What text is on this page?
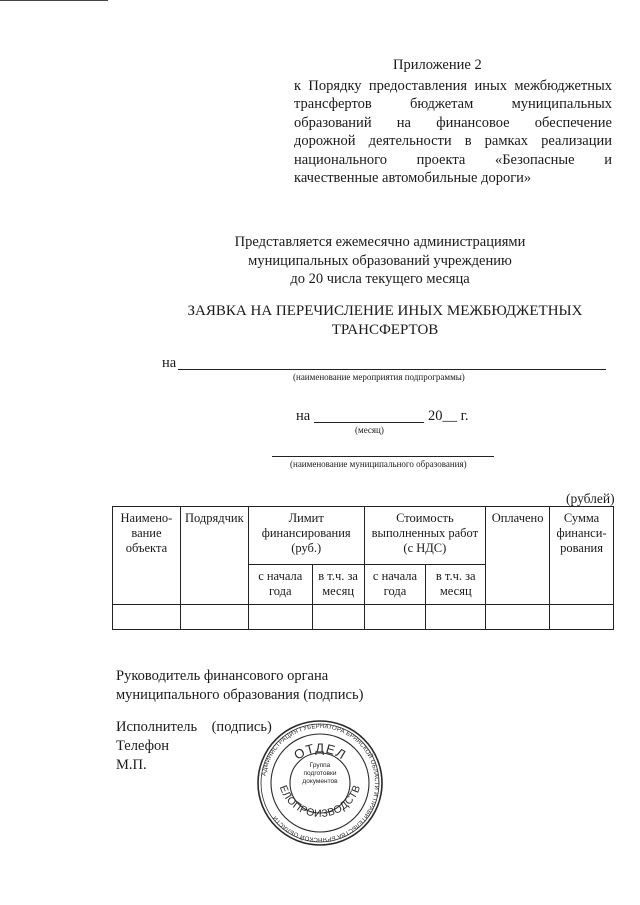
Приложение 2
к Порядку предоставления иных межбюджетных трансфертов бюджетам муниципальных образований на финансовое обеспечение дорожной деятельности в рамках реализации национального проекта «Безопасные и качественные автомобильные дороги»
Представляется ежемесячно администрациями
муниципальных образований учреждению
до 20 числа текущего месяца
ЗАЯВКА НА ПЕРЕЧИСЛЕНИЕ ИНЫХ МЕЖБЮДЖЕТНЫХ
ТРАНСФЕРТОВ
на
(наименование мероприятия подпрограммы)
на	20__ г.
(месяц)
(наименование муниципального образования)
(рублей)
Наимено-вание объекта	Подрядчик	Лимит финансирования (руб.)		Стоимость выполненных работ (с НДС)		Оплачено	Сумма финанси-рования
		с начала года	в т.ч. за месяц	с начала года	в т.ч. за месяц		

Руководитель финансового органа
муниципального образования (подпись)
Исполнитель    (подпись)
Телефон
М.П.
АДМИНИСТРАЦИЯ ГУБЕРНАТОРА БРЯНСКОЙ ОБЛАСТИ И ПРАВИТЕЛЬСТВА БРЯНСКОЙ ОБЛАСТИ
ОТДЕЛ
ЕЛОПРОИЗВОДСТВ
Группа
подготовки
документов
